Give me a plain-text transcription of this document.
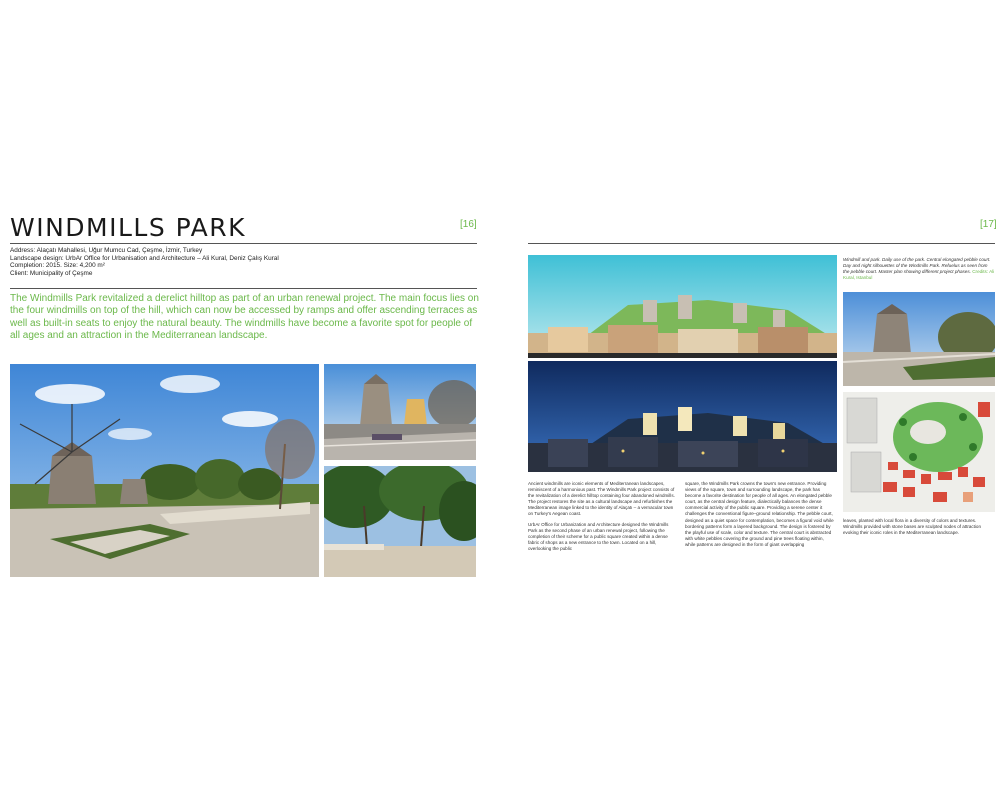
WINDMILLS PARK	[16]
Address: Alaçatı Mahallesi, Uğur Mumcu Cad, Çeşme, İzmir, Turkey
Landscape design: UrbAr Office for Urbanisation and Architecture – Ali Kural, Deniz Çalış Kural
Completion: 2015. Size: 4,200 m²
Client: Municipality of Çeşme
The Windmills Park revitalized a derelict hilltop as part of an urban renewal project. The main focus lies on the four windmills on top of the hill, which can now be accessed by ramps and offer ascending terraces as well as built-in seats to enjoy the natural beauty. The windmills have become a favorite spot for people of all ages and an attraction in the Mediterranean landscape.
[17]
Windmill and park. Daily use of the park. Central elongated pebble court. Day and night silhouettes of the Windmills Park. Refuelus as seen from the pebble court. Master plan showing different project phases. Credits: Ali Kural, Istanbul

Ancient windmills are iconic elements of Mediterranean landscapes, reminiscent of a harmonious past. The Windmills Park project consists of the revitalization of a derelict hilltop containing four abandoned windmills. The project restores the site as a cultural landscape and refurbishes the Mediterranean image linked to the identity of Alaçatı – a vernacular town on Turkey's Aegean coast.

UrbAr Office for Urbanization and Architecture designed the Windmills Park as the second phase of an urban renewal project, following the completion of their scheme for a public square created within a dense fabric of shops as a new entrance to the town. Located on a hill, overlooking the public

square, the Windmills Park crowns the town's new entrance. Providing views of the square, town and surrounding landscape, the park has become a favorite destination for people of all ages. An elongated pebble court, as the central design feature, dialectically balances the dense commercial activity of the public square. Providing a serene center it challenges the conventional figure–ground relationship. The pebble court, designed as a quiet space for contemplation, becomes a figural void while bordering patterns form a layered background. The design is fostered by the playful use of scale, color and texture. The central court is abstracted with white pebbles covering the ground and pine trees floating within, while patterns are designed in the form of giant overlapping

leaves, planted with local flora in a diversity of colors and textures. Windmills provided with stone bases are sculpted nodes of attraction evoking their iconic roles in the Mediterranean landscape.
